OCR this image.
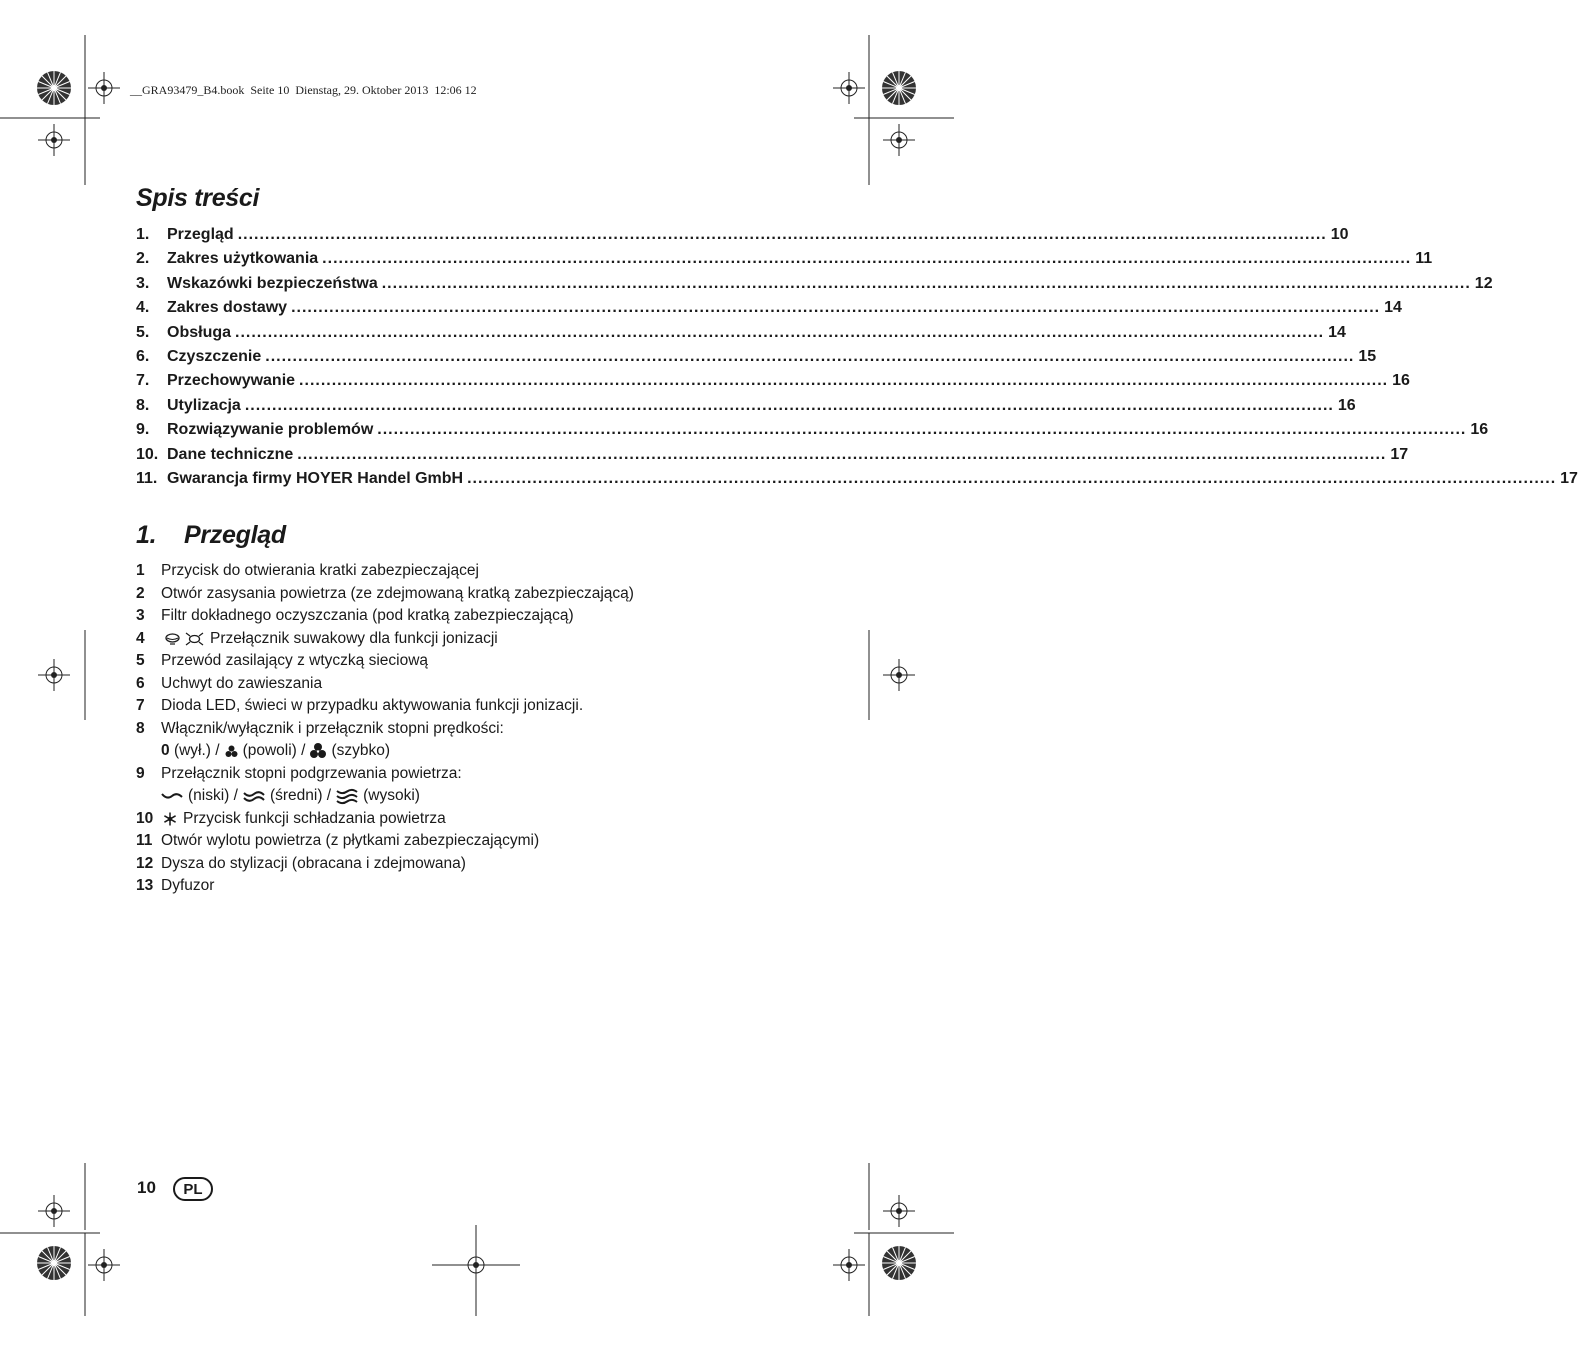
__GRA93479_B4.book  Seite 10  Dienstag, 29. Oktober 2013  12:06 12
Spis treści
1.	Przegląd ........................................................................................................................................................................................................ 10
2.	Zakres użytkowania ........................................................................................................................................................................................................ 11
3.	Wskazówki bezpieczeństwa ........................................................................................................................................................................................................ 12
4.	Zakres dostawy ........................................................................................................................................................................................................ 14
5.	Obsługa ........................................................................................................................................................................................................ 14
6.	Czyszczenie ........................................................................................................................................................................................................ 15
7.	Przechowywanie ........................................................................................................................................................................................................ 16
8.	Utylizacja ........................................................................................................................................................................................................ 16
9.	Rozwiązywanie problemów ........................................................................................................................................................................................................ 16
10. Dane techniczne ........................................................................................................................................................................................................ 17
11. Gwarancja firmy HOYER Handel GmbH ........................................................................................................................................................................................................ 17
1. Przegląd
1	Przycisk do otwierania kratki zabezpieczającej
2	Otwór zasysania powietrza (ze zdejmowaną kratką zabezpieczającą)
3	Filtr dokładnego oczyszczania (pod kratką zabezpieczającą)
4	Przełącznik suwakowy dla funkcji jonizacji
5	Przewód zasilający z wtyczką sieciową
6	Uchwyt do zawieszania
7	Dioda LED, świeci w przypadku aktywowania funkcji jonizacji.
8	Włącznik/wyłącznik i przełącznik stopni prędkości:
0
(wył.) / (powoli) / (szybko)
9	Przełącznik stopni podgrzewania powietrza:
(niski) / (średni) / (wysoki)
10	Przycisk funkcji schładzania powietrza
11 Otwór wylotu powietrza (z płytkami zabezpieczającymi)
12 Dysza do stylizacji (obracana i zdejmowana)
13 Dyfuzor
10	PL
